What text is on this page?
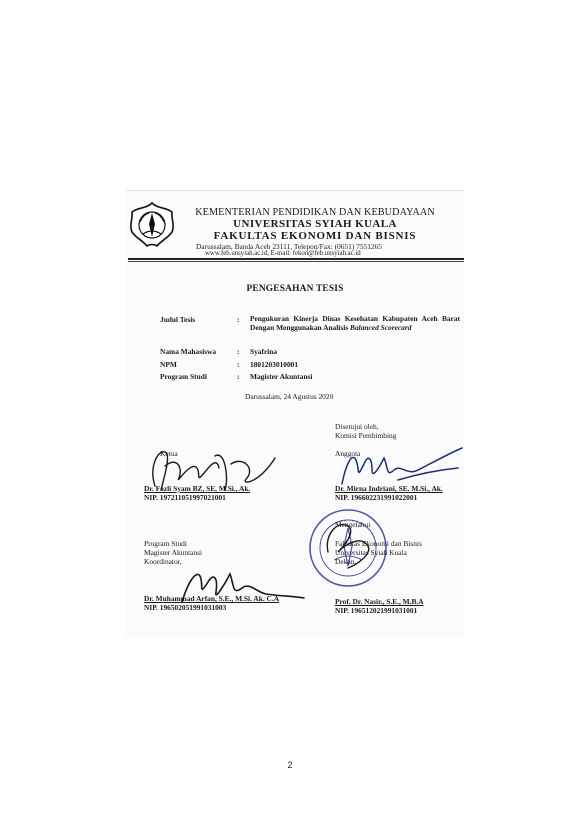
KEMENTERIAN PENDIDIKAN DAN KEBUDAYAAN
UNIVERSITAS SYIAH KUALA
FAKULTAS EKONOMI DAN BISNIS
Darussalam, Banda Aceh 23111, Telepon/Fax: (0651) 7551265
www.feb.unsyiah.ac.id, E-mail: fekon@feb.unsyiah.ac.id
PENGESAHAN TESIS
Judul Tesis	: Pengukuran Kinerja Dinas Kesehatan Kabupaten Aceh Barat Dengan Menggunakan Analisis Balanced Scorecard
Nama Mahasiswa	: Syafrina
NPM	: 1801203010001
Program Studi	: Magister Akuntansi
Darussalam, 24 Agustus 2020
Disetujui oleh,
Komisi Pembimbing
Ketua
Dr. Fazli Syam BZ, SE, M.Si., Ak.
NIP. 197211051997021001
Anggota
Dr. Mirna Indriani, SE. M.Si., Ak.
NIP. 196602231991022001
Program Studi
Magister Akuntansi
Koordinator,
Dr. Muhammad Arfan, S.E., M.Si. Ak. C.A
NIP. 196502051991031003
Mengetahui
Fakultas Ekonomi dan Bisnis
Universitas Syiah Kuala
Dekan,
Prof. Dr. Nasir., S.E., M.B.A
NIP. 196512021991031001
2
